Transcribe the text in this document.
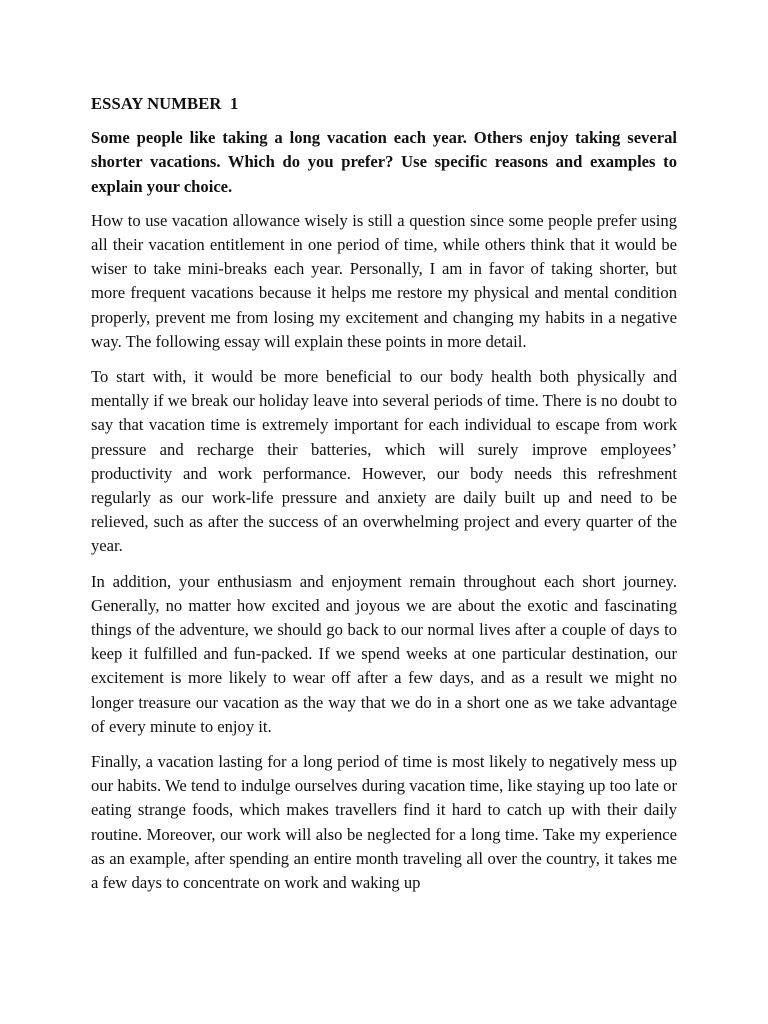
ESSAY NUMBER  1
Some people like taking a long vacation each year. Others enjoy taking several shorter vacations. Which do you prefer? Use specific reasons and examples to explain your choice.
How to use vacation allowance wisely is still a question since some people prefer using all their vacation entitlement in one period of time, while others think that it would be wiser to take mini-breaks each year. Personally, I am in favor of taking shorter, but more frequent vacations because it helps me restore my physical and mental condition properly, prevent me from losing my excitement and changing my habits in a negative way. The following essay will explain these points in more detail.
To start with, it would be more beneficial to our body health both physically and mentally if we break our holiday leave into several periods of time. There is no doubt to say that vacation time is extremely important for each individual to escape from work pressure and recharge their batteries, which will surely improve employees’ productivity and work performance. However, our body needs this refreshment regularly as our work-life pressure and anxiety are daily built up and need to be relieved, such as after the success of an overwhelming project and every quarter of the year.
In addition, your enthusiasm and enjoyment remain throughout each short journey. Generally, no matter how excited and joyous we are about the exotic and fascinating things of the adventure, we should go back to our normal lives after a couple of days to keep it fulfilled and fun-packed. If we spend weeks at one particular destination, our excitement is more likely to wear off after a few days, and as a result we might no longer treasure our vacation as the way that we do in a short one as we take advantage of every minute to enjoy it.
Finally, a vacation lasting for a long period of time is most likely to negatively mess up our habits. We tend to indulge ourselves during vacation time, like staying up too late or eating strange foods, which makes travellers find it hard to catch up with their daily routine. Moreover, our work will also be neglected for a long time. Take my experience as an example, after spending an entire month traveling all over the country, it takes me a few days to concentrate on work and waking up
